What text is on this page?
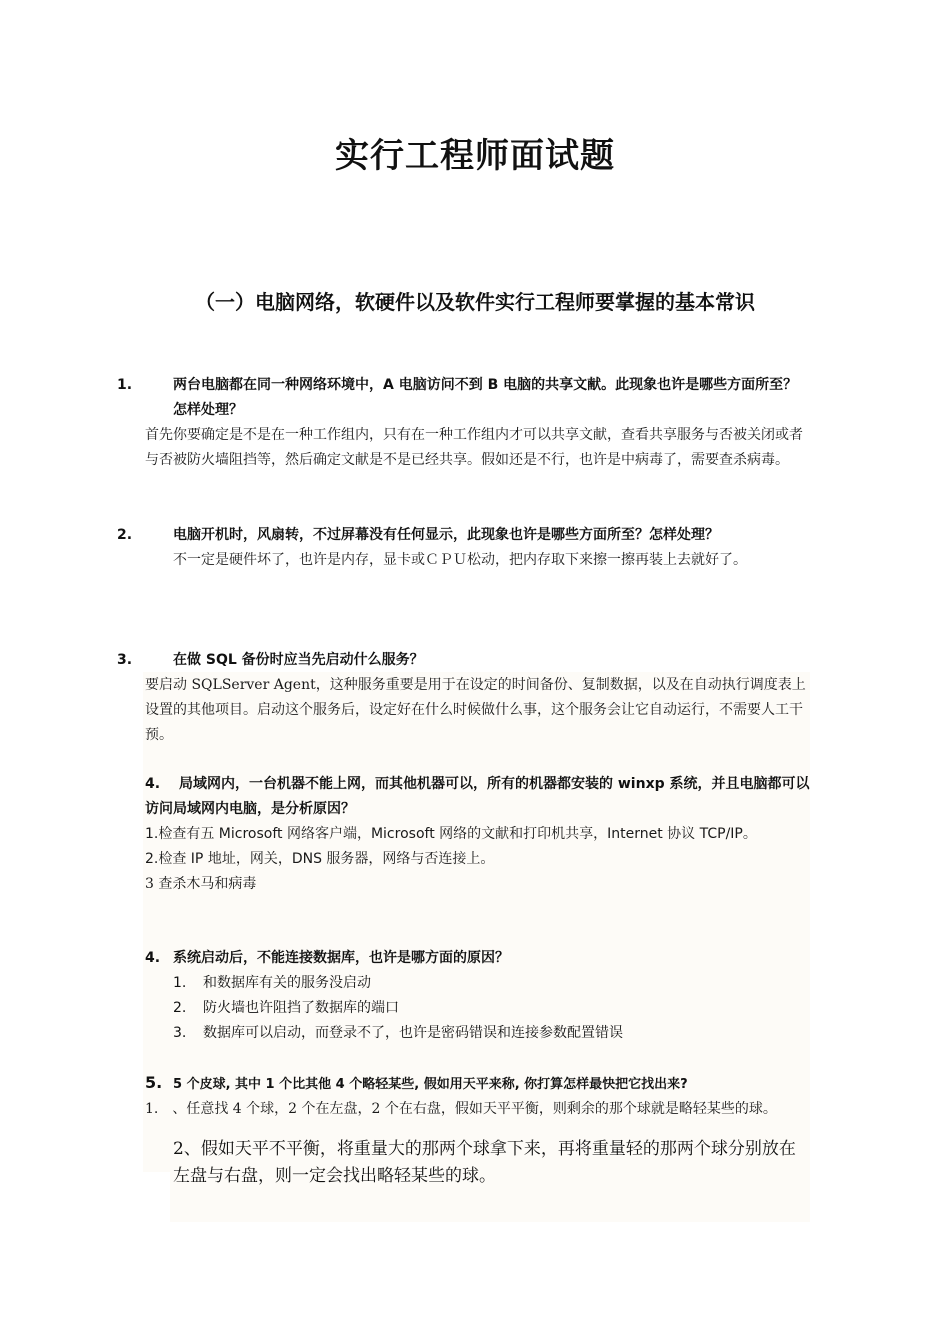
实行工程师面试题
（一）电脑网络，软硬件以及软件实行工程师要掌握的基本常识

1.	两台电脑都在同一种网络环境中，A 电脑访问不到 B 电脑的共享文献。此现象也许是哪些方面所至？怎样处理？

首先你要确定是不是在一种工作组内，只有在一种工作组内才可以共享文献，查看共享服务与否被关闭或者与否被防火墙阻挡等，然后确定文献是不是已经共享。假如还是不行，也许是中病毒了，需要查杀病毒。

2.	电脑开机时，风扇转，不过屏幕没有任何显示，此现象也许是哪些方面所至？怎样处理？

不一定是硬件坏了，也许是内存，显卡或ＣＰＵ松动，把内存取下来擦一擦再装上去就好了。

3.	在做 SQL 备份时应当先启动什么服务？

要启动 SQLServer Agent，这种服务重要是用于在设定的时间备份、复制数据，以及在自动执行调度表上设置的其他项目。启动这个服务后，设定好在什么时候做什么事，这个服务会让它自动运行，不需要人工干预。

4. 局域网内，一台机器不能上网，而其他机器可以，所有的机器都安装的 winxp 系统，并且电脑都可以访问局域网内电脑，是分析原因？

1.检查有五 Microsoft 网络客户端，Microsoft 网络的文献和打印机共享，Internet 协议 TCP/IP。

2.检查 IP 地址，网关，DNS 服务器，网络与否连接上。

3 查杀木马和病毒

4. 系统启动后，不能连接数据库，也许是哪方面的原因？

1. 和数据库有关的服务没启动
2. 防火墙也许阻挡了数据库的端口
3. 数据库可以启动，而登录不了，也许是密码错误和连接参数配置错误

5. 5 个皮球, 其中 1 个比其他 4 个略轻某些, 假如用天平来称, 你打算怎样最快把它找出来?

1.　、任意找 4 个球，2 个在左盘，2 个在右盘，假如天平平衡，则剩余的那个球就是略轻某些的球。

2、假如天平不平衡，将重量大的那两个球拿下来，再将重量轻的那两个球分别放在左盘与右盘，则一定会找出略轻某些的球。
